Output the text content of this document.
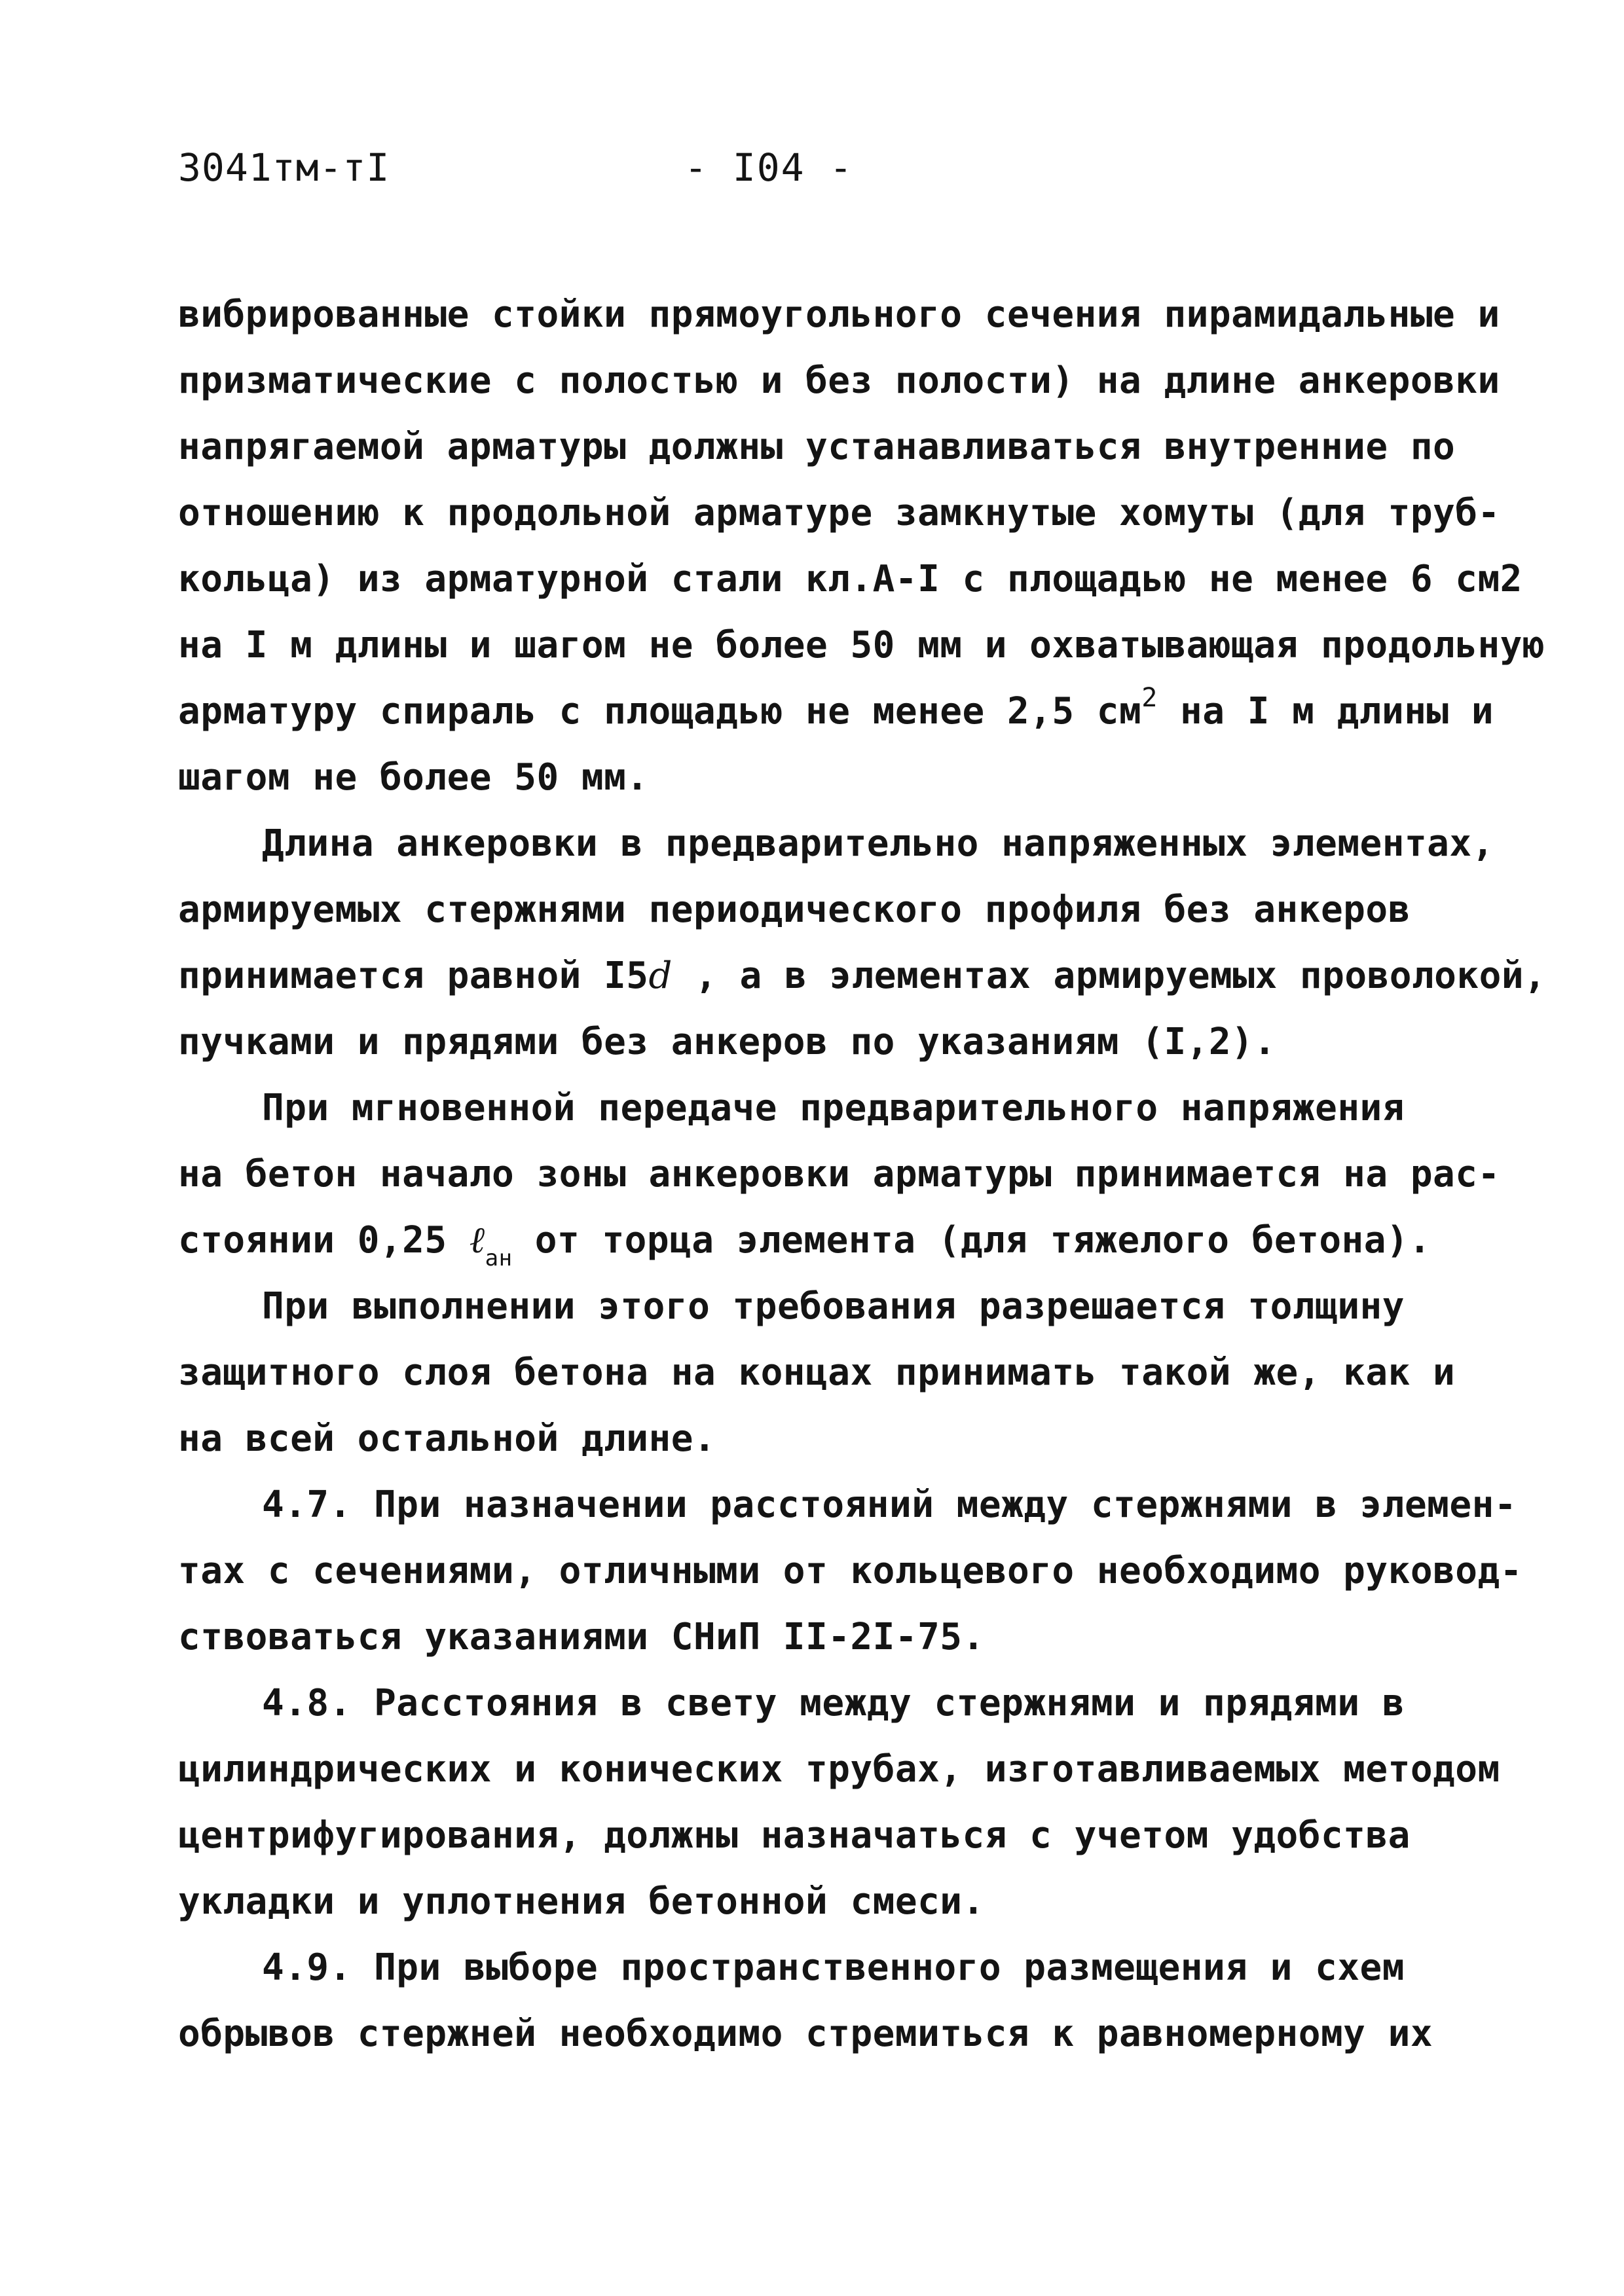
3041тм-тI	- I04 -
вибрированные стойки прямоугольного сечения пирамидальные и
призматические с полостью и без полости) на длине анкеровки
напрягаемой арматуры должны устанавливаться внутренние по
отношению к продольной арматуре замкнутые хомуты (для труб-
кольца) из арматурной стали кл.А-I с площадью не менее 6 см2
на I м длины и шагом не более 50 мм и охватывающая продольную
арматуру спираль с площадью не менее 2,5 $см^2$ на I м длины и
шагом не более 50 мм.
Длина анкеровки в предварительно напряженных элементах,
армируемых стержнями периодического профиля без анкеров
принимается равной I5d , а в элементах армируемых проволокой,
пучками и прядями без анкеров по указаниям (I,2).
При мгновенной передаче предварительного напряжения
на бетон начало зоны анкеровки арматуры принимается на рас-
стоянии 0,25 ℓ$_{ан}$ от торца элемента (для тяжелого бетона).
При выполнении этого требования разрешается толщину
защитного слоя бетона на концах принимать такой же, как и
на всей остальной длине.
4.7. При назначении расстояний между стержнями в элемен-
тах с сечениями, отличными от кольцевого необходимо руковод-
ствоваться указаниями СНиП II-2I-75.
4.8. Расстояния в свету между стержнями и прядями в
цилиндрических и конических трубах, изготавливаемых методом
центрифугирования, должны назначаться с учетом удобства
укладки и уплотнения бетонной смеси.
4.9. При выборе пространственного размещения и схем
обрывов стержней необходимо стремиться к равномерному их
